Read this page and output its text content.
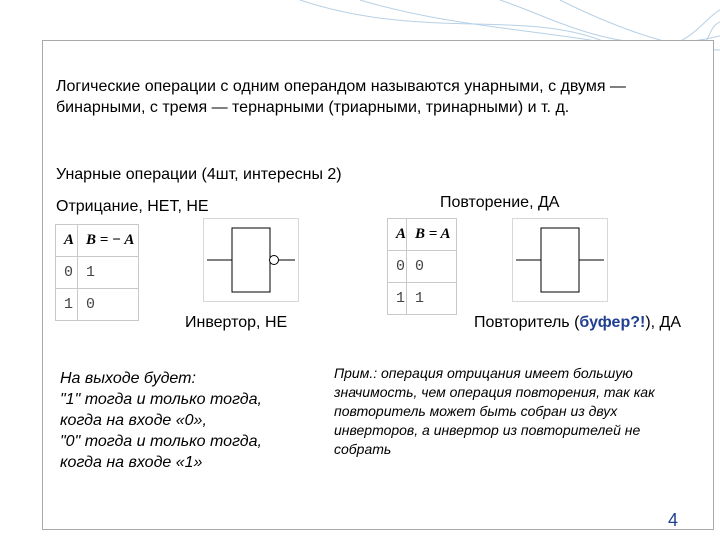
Логические операции с одним операндом называются унарными, с двумя — бинарными, с тремя — тернарными (триарными, тринарными) и т. д.

Унарные операции (4шт, интересны 2)
Отрицание, НЕТ, НЕ	Повторение, ДА
A	B = − A
0	1
1	0
Инвертор, НЕ
A	B = A
0	0
1	1
Повторитель (буфер?!), ДА
На выходе будет:
"1" тогда и только тогда,
когда на входе «0»,
"0" тогда и только тогда,
когда на входе «1»

Прим.: операция отрицания имеет большую значимость, чем операция повторения, так как повторитель может быть собран из двух инверторов, а инвертор из повторителей не собрать

4
